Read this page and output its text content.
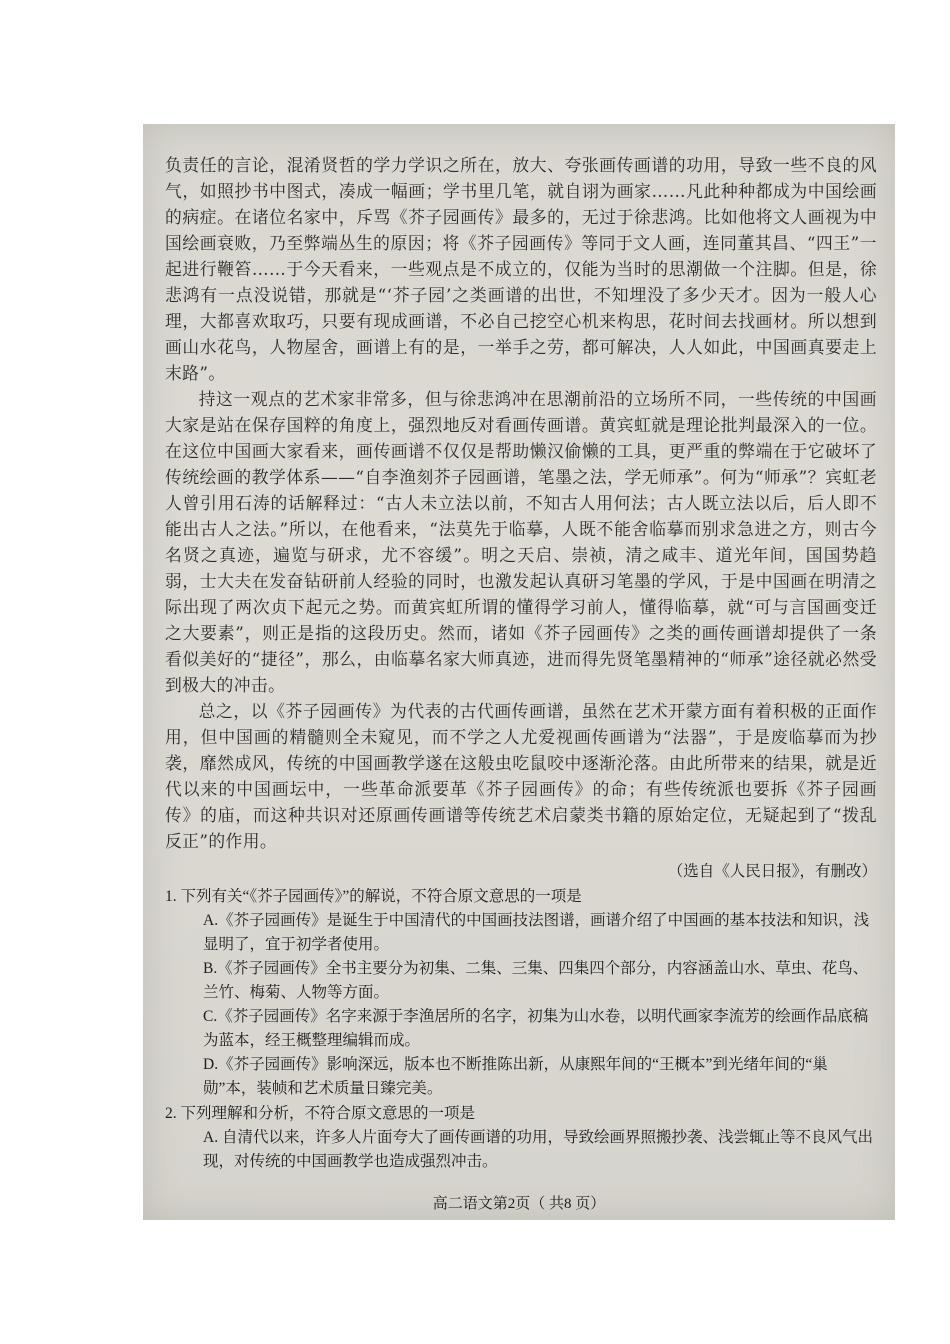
负责任的言论，混淆贤哲的学力学识之所在，放大、夸张画传画谱的功用，导致一些不良的风气，如照抄书中图式，凑成一幅画；学书里几笔，就自诩为画家……凡此种种都成为中国绘画的病症。在诸位名家中，斥骂《芥子园画传》最多的，无过于徐悲鸿。比如他将文人画视为中国绘画衰败，乃至弊端丛生的原因；将《芥子园画传》等同于文人画，连同董其昌、“四王”一起进行鞭笞……于今天看来，一些观点是不成立的，仅能为当时的思潮做一个注脚。但是，徐悲鸿有一点没说错，那就是“‘芥子园’之类画谱的出世，不知埋没了多少天才。因为一般人心理，大都喜欢取巧，只要有现成画谱，不必自己挖空心机来构思，花时间去找画材。所以想到画山水花鸟，人物屋舍，画谱上有的是，一举手之劳，都可解决，人人如此，中国画真要走上末路”。

持这一观点的艺术家非常多，但与徐悲鸿冲在思潮前沿的立场所不同，一些传统的中国画大家是站在保存国粹的角度上，强烈地反对看画传画谱。黄宾虹就是理论批判最深入的一位。在这位中国画大家看来，画传画谱不仅仅是帮助懒汉偷懒的工具，更严重的弊端在于它破坏了传统绘画的教学体系——“自李渔刻芥子园画谱，笔墨之法，学无师承”。何为“师承”？宾虹老人曾引用石涛的话解释过：“古人未立法以前，不知古人用何法；古人既立法以后，后人即不能出古人之法。”所以，在他看来，“法莫先于临摹，人既不能舍临摹而别求急进之方，则古今名贤之真迹，遍览与研求，尤不容缓”。明之天启、崇祯，清之咸丰、道光年间，国国势趋弱，士大夫在发奋钻研前人经验的同时，也激发起认真研习笔墨的学风，于是中国画在明清之际出现了两次贞下起元之势。而黄宾虹所谓的懂得学习前人，懂得临摹，就“可与言国画变迁之大要素”，则正是指的这段历史。然而，诸如《芥子园画传》之类的画传画谱却提供了一条看似美好的“捷径”，那么，由临摹名家大师真迹，进而得先贤笔墨精神的“师承”途径就必然受到极大的冲击。

总之，以《芥子园画传》为代表的古代画传画谱，虽然在艺术开蒙方面有着积极的正面作用，但中国画的精髓则全未窥见，而不学之人尤爱视画传画谱为“法器”，于是废临摹而为抄袭，靡然成风，传统的中国画教学遂在这般虫吃鼠咬中逐渐沦落。由此所带来的结果，就是近代以来的中国画坛中，一些革命派要革《芥子园画传》的命；有些传统派也要拆《芥子园画传》的庙，而这种共识对还原画传画谱等传统艺术启蒙类书籍的原始定位，无疑起到了“拨乱反正”的作用。

（选自《人民日报》，有删改）

1. 下列有关“《芥子园画传》”的解说，不符合原文意思的一项是

A.《芥子园画传》是诞生于中国清代的中国画技法图谱，画谱介绍了中国画的基本技法和知识，浅显明了，宜于初学者使用。

B.《芥子园画传》全书主要分为初集、二集、三集、四集四个部分，内容涵盖山水、草虫、花鸟、兰竹、梅菊、人物等方面。

C.《芥子园画传》名字来源于李渔居所的名字，初集为山水卷，以明代画家李流芳的绘画作品底稿为蓝本，经王概整理编辑而成。

D.《芥子园画传》影响深远，版本也不断推陈出新，从康熙年间的“王概本”到光绪年间的“巢勋”本，装帧和艺术质量日臻完美。

2. 下列理解和分析，不符合原文意思的一项是

A. 自清代以来，许多人片面夸大了画传画谱的功用，导致绘画界照搬抄袭、浅尝辄止等不良风气出现，对传统的中国画教学也造成强烈冲击。

高二语文第2页（ 共8 页）
